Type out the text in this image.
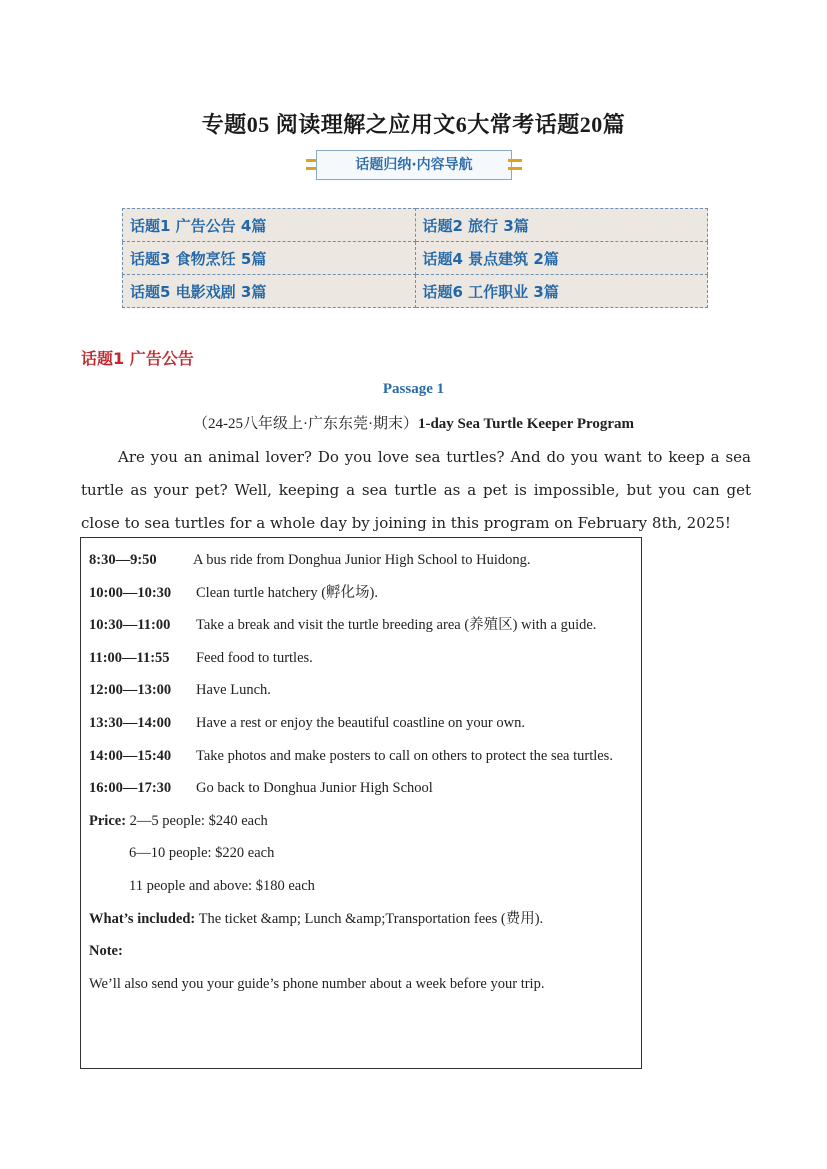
专题05 阅读理解之应用文6大常考话题20篇
话题归纳·内容导航
话题1 广告公告 4篇	话题2 旅行 3篇
话题3 食物烹饪 5篇	话题4 景点建筑 2篇
话题5 电影戏剧 3篇	话题6 工作职业 3篇
话题1 广告公告
Passage 1
（24-25八年级上·广东东莞·期末）1-day Sea Turtle Keeper Program
Are you an animal lover? Do you love sea turtles? And do you want to keep a sea turtle as your pet? Well, keeping a sea turtle as a pet is impossible, but you can get close to sea turtles for a whole day by joining in this program on February 8th, 2025!
8:30—9:50	A bus ride from Donghua Junior High School to Huidong.
10:00—10:30 Clean turtle hatchery (孵化场).
10:30—11:00 Take a break and visit the turtle breeding area (养殖区) with a guide.
11:00—11:55 Feed food to turtles.
12:00—13:00 Have Lunch.
13:30—14:00 Have a rest or enjoy the beautiful coastline on your own.
14:00—15:40 Take photos and make posters to call on others to protect the sea turtles.
16:00—17:30 Go back to Donghua Junior High School
Price: 2—5 people: $240 each
6—10 people: $220 each
11 people and above: $180 each
What’s included: The ticket &amp; Lunch &amp;Transportation fees (费用).
Note:
We’ll also send you your guide’s phone number about a week before your trip.
